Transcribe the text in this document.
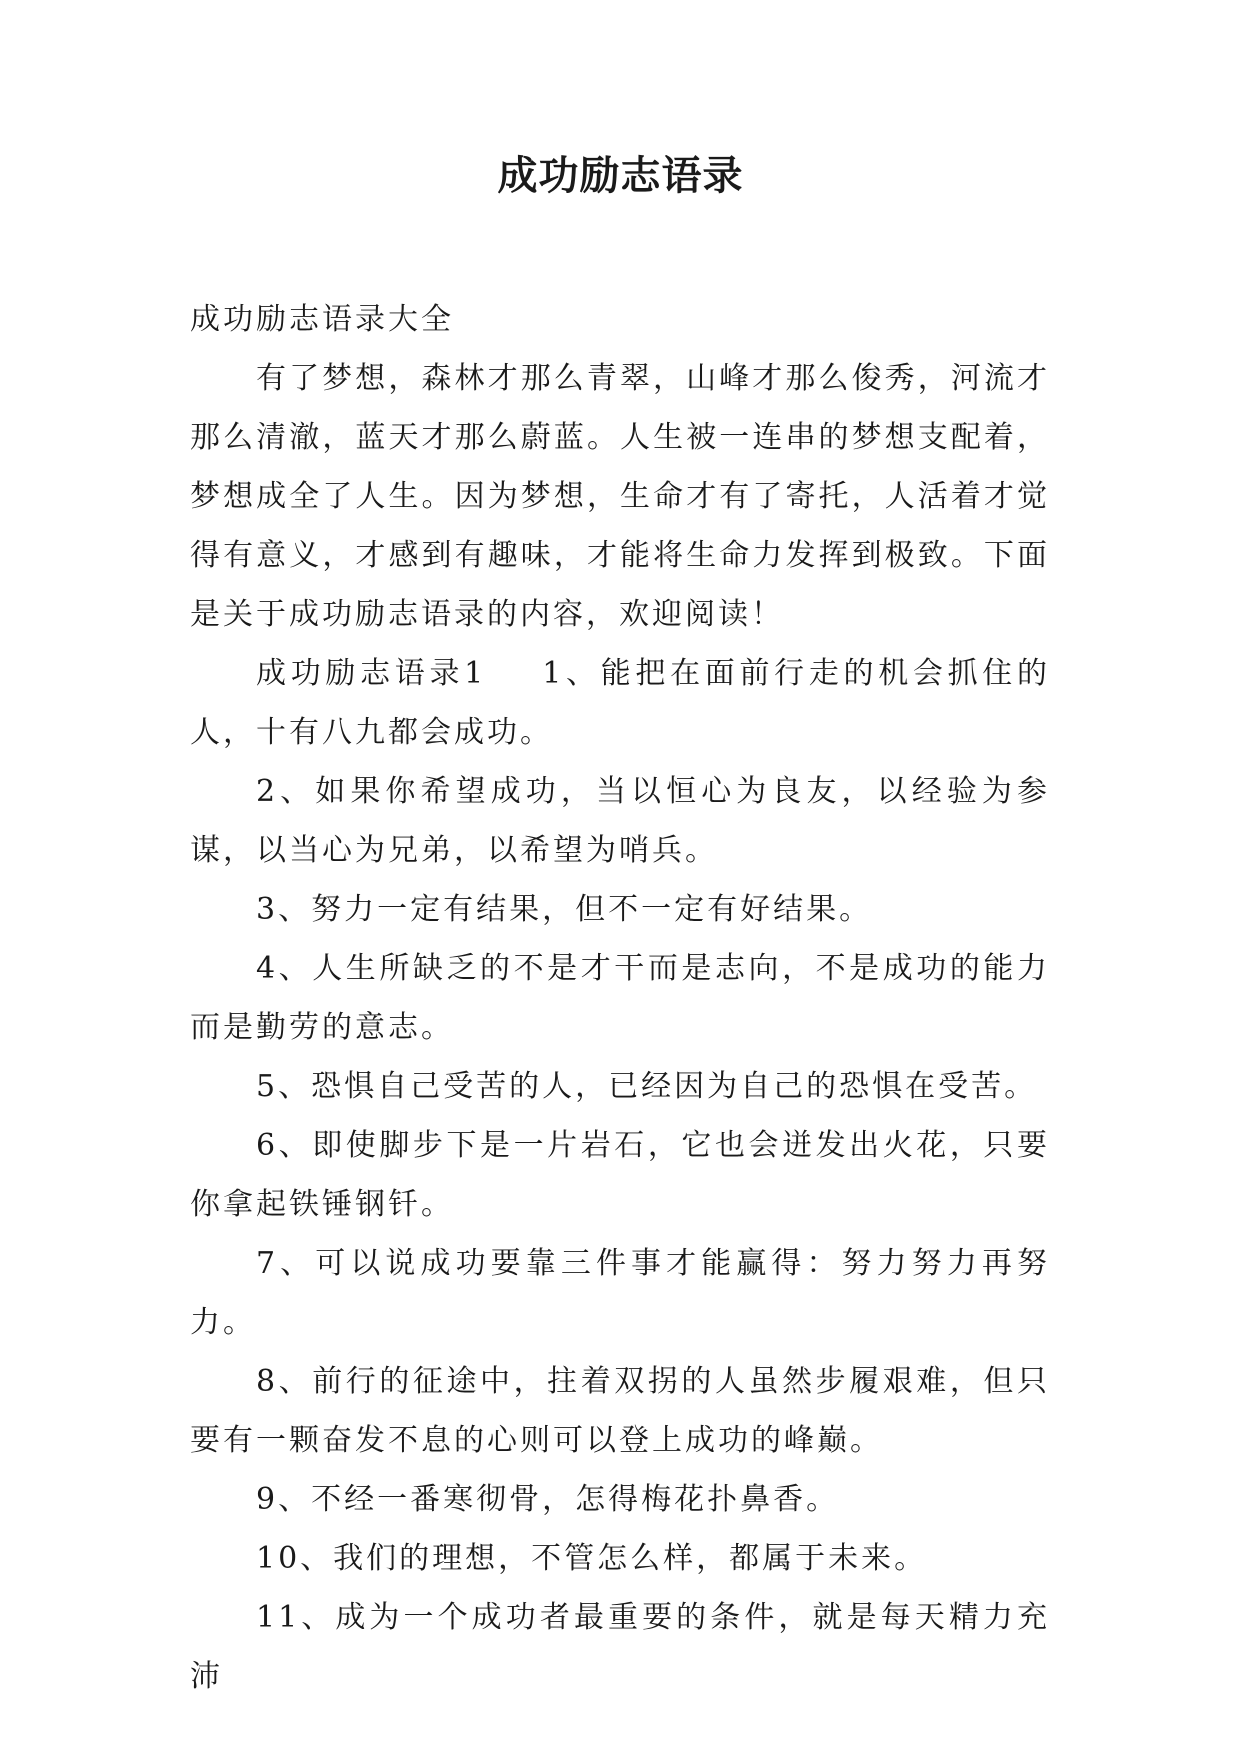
成功励志语录

成功励志语录大全

有了梦想，森林才那么青翠，山峰才那么俊秀，河流才那么清澈，蓝天才那么蔚蓝。人生被一连串的梦想支配着，梦想成全了人生。因为梦想，生命才有了寄托，人活着才觉得有意义，才感到有趣味，才能将生命力发挥到极致。下面是关于成功励志语录的内容，欢迎阅读！

成功励志语录1 1、能把在面前行走的机会抓住的人，十有八九都会成功。

2、如果你希望成功，当以恒心为良友，以经验为参谋，以当心为兄弟，以希望为哨兵。

3、努力一定有结果，但不一定有好结果。

4、人生所缺乏的不是才干而是志向，不是成功的能力而是勤劳的意志。

5、恐惧自己受苦的人，已经因为自己的恐惧在受苦。

6、即使脚步下是一片岩石，它也会迸发出火花，只要你拿起铁锤钢钎。

7、可以说成功要靠三件事才能赢得：努力努力再努力。

8、前行的征途中，拄着双拐的人虽然步履艰难，但只要有一颗奋发不息的心则可以登上成功的峰巅。

9、不经一番寒彻骨，怎得梅花扑鼻香。

10、我们的理想，不管怎么样，都属于未来。

11、成为一个成功者最重要的条件，就是每天精力充沛
